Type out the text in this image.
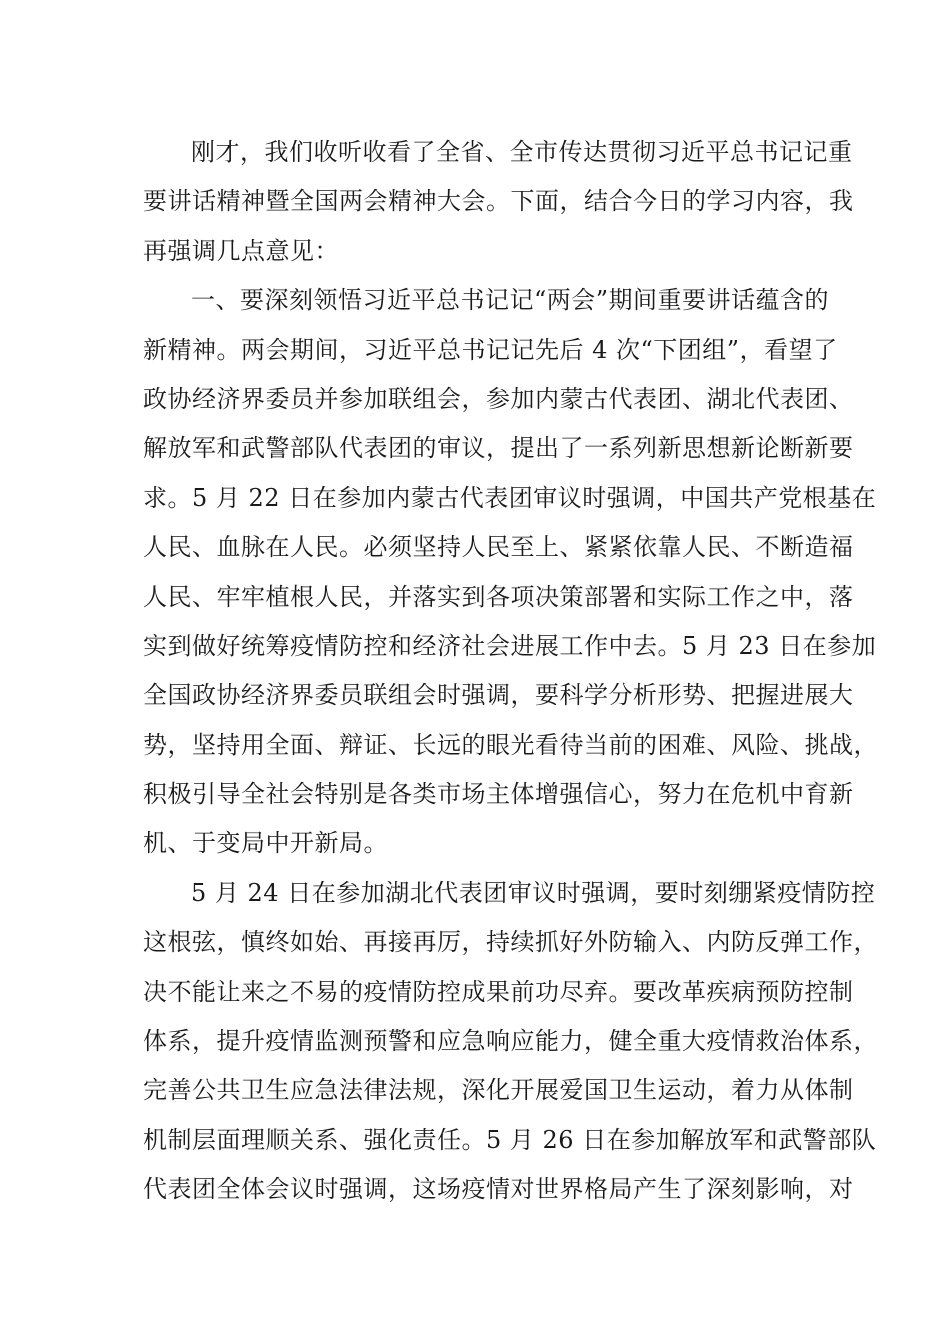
刚才，我们收听收看了全省、全市传达贯彻习近平总书记记重
要讲话精神暨全国两会精神大会。下面，结合今日的学习内容，我
再强调几点意见：
一、要深刻领悟习近平总书记记“两会”期间重要讲话蕴含的
新精神。两会期间，习近平总书记记先后 4 次“下团组”，看望了
政协经济界委员并参加联组会，参加内蒙古代表团、湖北代表团、
解放军和武警部队代表团的审议，提出了一系列新思想新论断新要
求。5 月 22 日在参加内蒙古代表团审议时强调，中国共产党根基在
人民、血脉在人民。必须坚持人民至上、紧紧依靠人民、不断造福
人民、牢牢植根人民，并落实到各项决策部署和实际工作之中，落
实到做好统筹疫情防控和经济社会进展工作中去。5 月 23 日在参加
全国政协经济界委员联组会时强调，要科学分析形势、把握进展大
势，坚持用全面、辩证、长远的眼光看待当前的困难、风险、挑战，
积极引导全社会特别是各类市场主体增强信心，努力在危机中育新
机、于变局中开新局。
5 月 24 日在参加湖北代表团审议时强调，要时刻绷紧疫情防控
这根弦，慎终如始、再接再厉，持续抓好外防输入、内防反弹工作，
决不能让来之不易的疫情防控成果前功尽弃。要改革疾病预防控制
体系，提升疫情监测预警和应急响应能力，健全重大疫情救治体系，
完善公共卫生应急法律法规，深化开展爱国卫生运动，着力从体制
机制层面理顺关系、强化责任。5 月 26 日在参加解放军和武警部队
代表团全体会议时强调，这场疫情对世界格局产生了深刻影响，对
